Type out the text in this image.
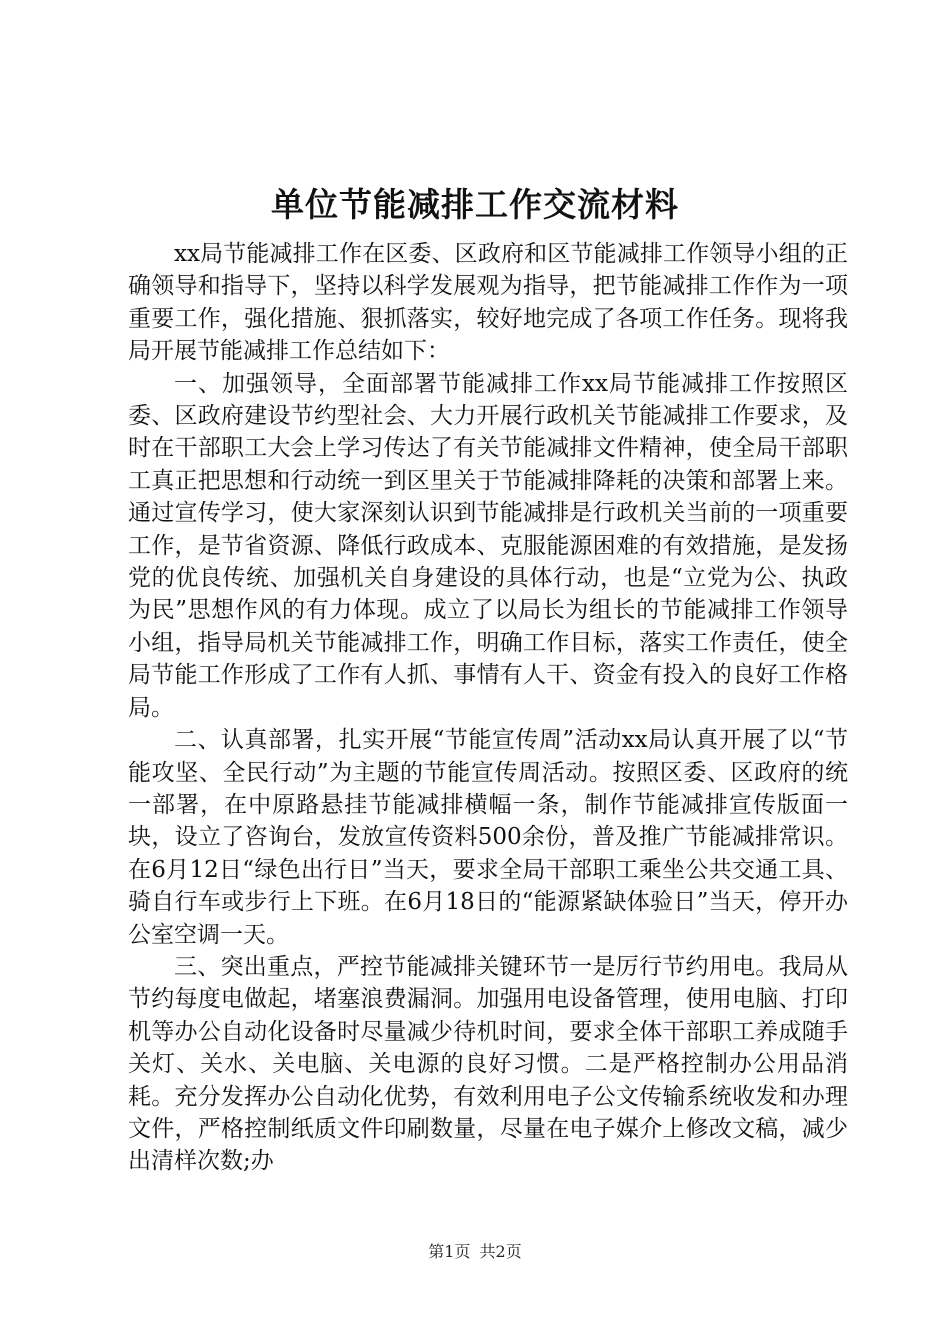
单位节能减排工作交流材料

xx局节能减排工作在区委、区政府和区节能减排工作领导小组的正确领导和指导下，坚持以科学发展观为指导，把节能减排工作作为一项重要工作，强化措施、狠抓落实，较好地完成了各项工作任务。现将我局开展节能减排工作总结如下：

一、加强领导，全面部署节能减排工作xx局节能减排工作按照区委、区政府建设节约型社会、大力开展行政机关节能减排工作要求，及时在干部职工大会上学习传达了有关节能减排文件精神，使全局干部职工真正把思想和行动统一到区里关于节能减排降耗的决策和部署上来。通过宣传学习，使大家深刻认识到节能减排是行政机关当前的一项重要工作，是节省资源、降低行政成本、克服能源困难的有效措施，是发扬党的优良传统、加强机关自身建设的具体行动，也是“立党为公、执政为民”思想作风的有力体现。成立了以局长为组长的节能减排工作领导小组，指导局机关节能减排工作，明确工作目标，落实工作责任，使全局节能工作形成了工作有人抓、事情有人干、资金有投入的良好工作格局。

二、认真部署，扎实开展“节能宣传周”活动xx局认真开展了以“节能攻坚、全民行动”为主题的节能宣传周活动。按照区委、区政府的统一部署，在中原路悬挂节能减排横幅一条，制作节能减排宣传版面一块，设立了咨询台，发放宣传资料500余份，普及推广节能减排常识。在6月12日“绿色出行日”当天，要求全局干部职工乘坐公共交通工具、骑自行车或步行上下班。在6月18日的“能源紧缺体验日”当天，停开办公室空调一天。

三、突出重点，严控节能减排关键环节一是厉行节约用电。我局从节约每度电做起，堵塞浪费漏洞。加强用电设备管理，使用电脑、打印机等办公自动化设备时尽量减少待机时间，要求全体干部职工养成随手关灯、关水、关电脑、关电源的良好习惯。二是严格控制办公用品消耗。充分发挥办公自动化优势，有效利用电子公文传输系统收发和办理文件，严格控制纸质文件印刷数量，尽量在电子媒介上修改文稿，减少出清样次数;办

第1页 共2页
